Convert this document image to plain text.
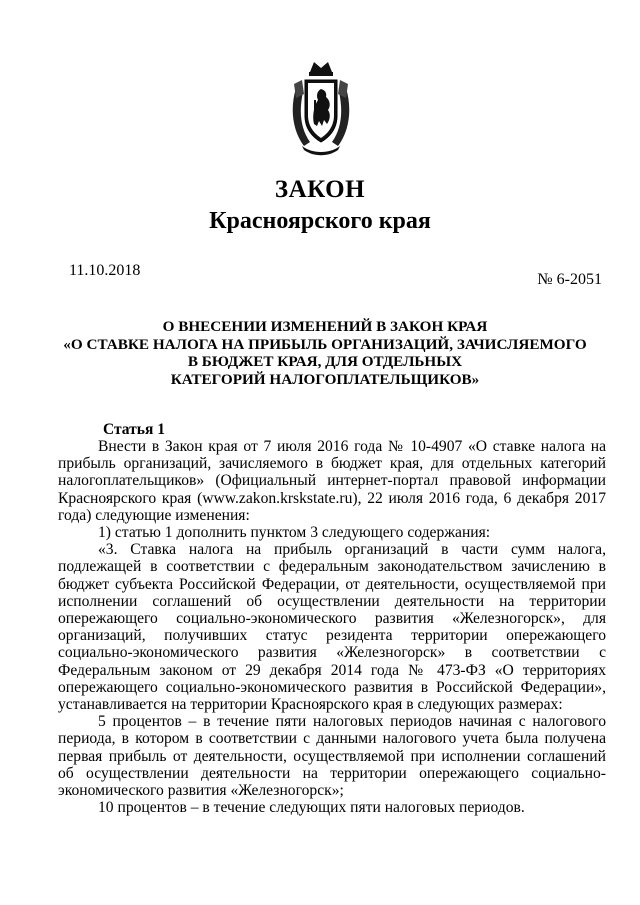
ЗАКОН
Красноярского края
11.10.2018
№ 6-2051
О ВНЕСЕНИИ ИЗМЕНЕНИЙ В ЗАКОН КРАЯ
«О СТАВКЕ НАЛОГА НА ПРИБЫЛЬ ОРГАНИЗАЦИЙ, ЗАЧИСЛЯЕМОГО
В БЮДЖЕТ КРАЯ, ДЛЯ ОТДЕЛЬНЫХ
КАТЕГОРИЙ НАЛОГОПЛАТЕЛЬЩИКОВ»
Статья 1

Внести в Закон края от 7 июля 2016 года № 10-4907 «О ставке налога на прибыль организаций, зачисляемого в бюджет края, для отдельных категорий налогоплательщиков» (Официальный интернет-портал правовой информации Красноярского края (www.zakon.krskstate.ru), 22 июля 2016 года, 6 декабря 2017 года) следующие изменения:

1) статью 1 дополнить пунктом 3 следующего содержания:

«3. Ставка налога на прибыль организаций в части сумм налога, подлежащей в соответствии с федеральным законодательством зачислению в бюджет субъекта Российской Федерации, от деятельности, осуществляемой при исполнении соглашений об осуществлении деятельности на территории опережающего социально-экономического развития «Железногорск», для организаций, получивших статус резидента территории опережающего социально-экономического развития «Железногорск» в соответствии с Федеральным законом от 29 декабря 2014 года № 473-ФЗ «О территориях опережающего социально-экономического развития в Российской Федерации», устанавливается на территории Красноярского края в следующих размерах:

5 процентов – в течение пяти налоговых периодов начиная с налогового периода, в котором в соответствии с данными налогового учета была получена первая прибыль от деятельности, осуществляемой при исполнении соглашений об осуществлении деятельности на территории опережающего социально-экономического развития «Железногорск»;

10 процентов – в течение следующих пяти налоговых периодов.
